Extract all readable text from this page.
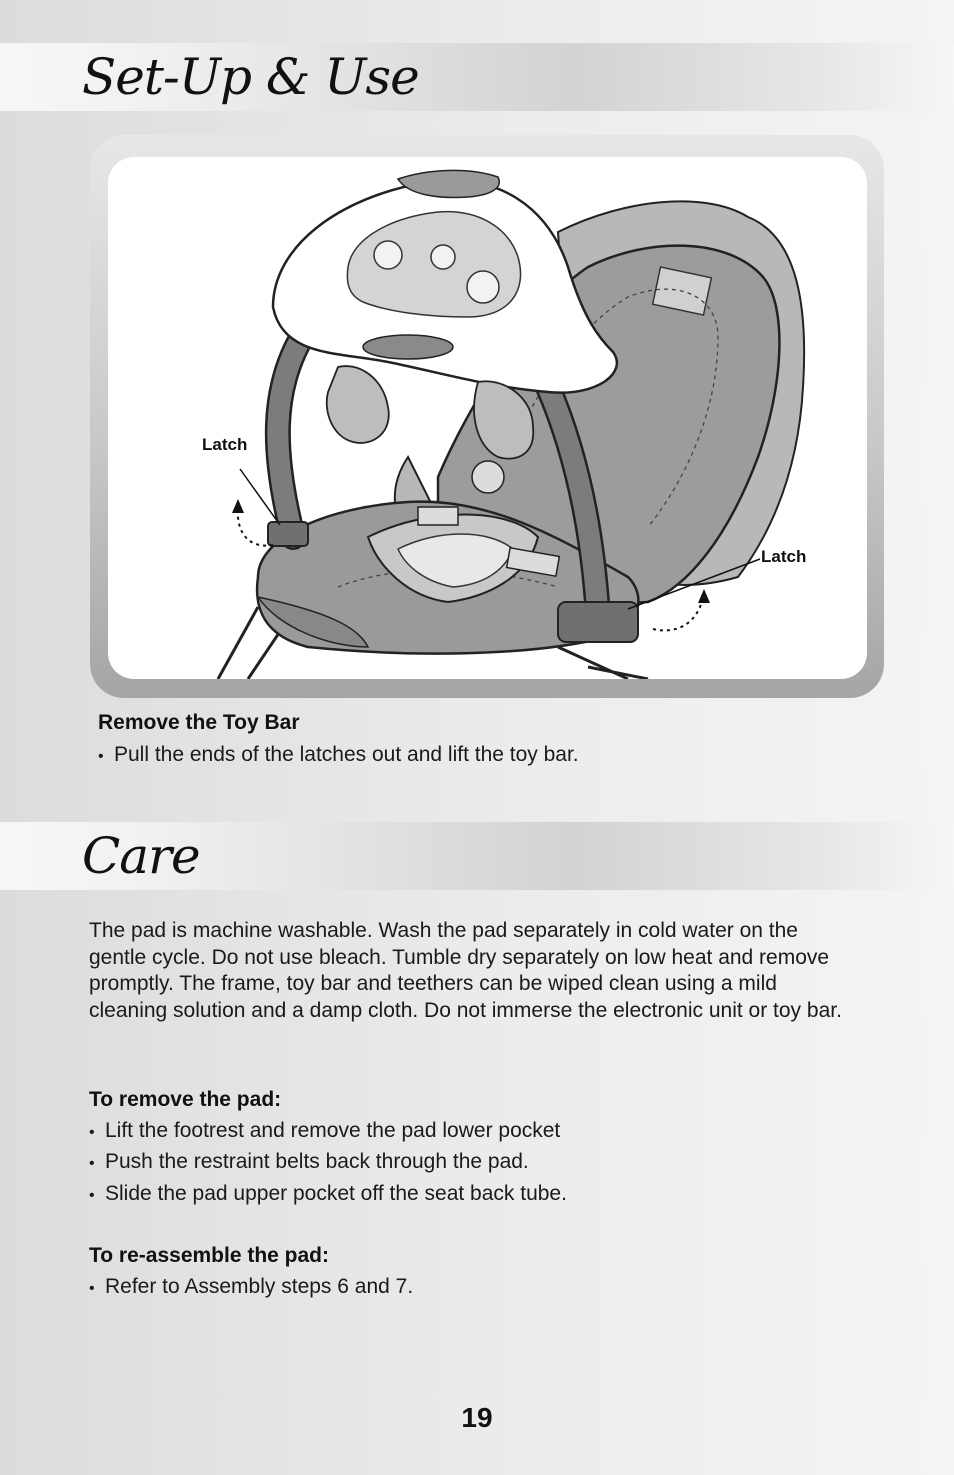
Set-Up & Use
Latch
Latch
Remove the Toy Bar
• Pull the ends of the latches out and lift the toy bar.
Care

The pad is machine washable. Wash the pad separately in cold water on the gentle cycle. Do not use bleach. Tumble dry separately on low heat and remove promptly. The frame, toy bar and teethers can be wiped clean using a mild cleaning solution and a damp cloth. Do not immerse the electronic unit or toy bar.

To remove the pad:
• Lift the footrest and remove the pad lower pocket
• Push the restraint belts back through the pad.
• Slide the pad upper pocket off the seat back tube.
To re-assemble the pad:
• Refer to Assembly steps 6 and 7.
19
